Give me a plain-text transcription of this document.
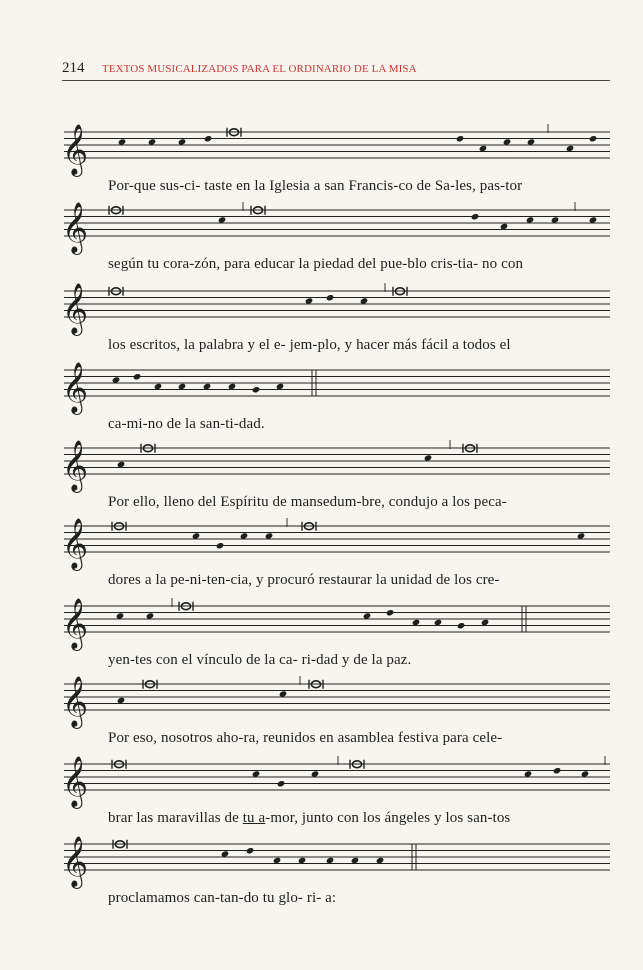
214 TEXTOS MUSICALIZADOS PARA EL ORDINARIO DE LA MISA
𝄞
Por-que sus-ci- taste en la Iglesia a san Francis-co de Sa-les, pas-tor
𝄞
según tu cora-zón, para educar la piedad del pue-blo cris-tia- no con
𝄞
los escritos, la palabra y el e- jem-plo, y hacer más fácil a todos el
𝄞
ca-mi-no de la san-ti-dad.
𝄞
Por ello, lleno del Espíritu de mansedum-bre, condujo a los peca-
𝄞
dores a la pe-ni-ten-cia, y procuró restaurar la unidad de los cre-
𝄞
yen-tes con el vínculo de la ca- ri-dad y de la paz.
𝄞
Por eso, nosotros aho-ra, reunidos en asamblea festiva para cele-
𝄞
brar las maravillas de tu a-mor, junto con los ángeles y los san-tos
𝄞
proclamamos can-tan-do tu glo- ri- a:
